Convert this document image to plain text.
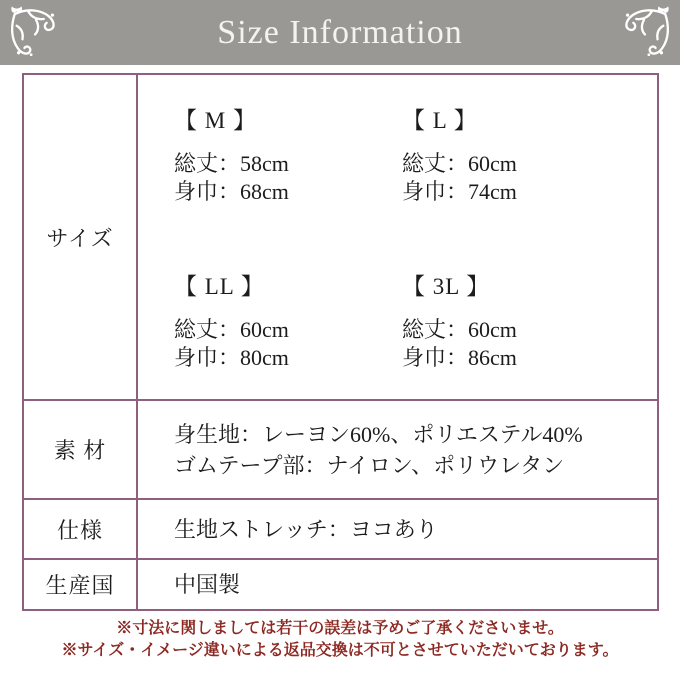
Size Information
サイズ	
【 M 】
総丈：58cm
身巾：68cm
【 L 】
総丈：60cm
身巾：74cm
【 LL 】
総丈：60cm
身巾：80cm
【 3L 】
総丈：60cm
身巾：86cm

素 材	身生地：レーヨン60%、ポリエステル40%
ゴムテープ部：ナイロン、ポリウレタン

仕様	生地ストレッチ：ヨコあり

生産国	中国製
※寸法に関しましては若干の誤差は予めご了承くださいませ。
※サイズ・イメージ違いによる返品交換は不可とさせていただいております。
